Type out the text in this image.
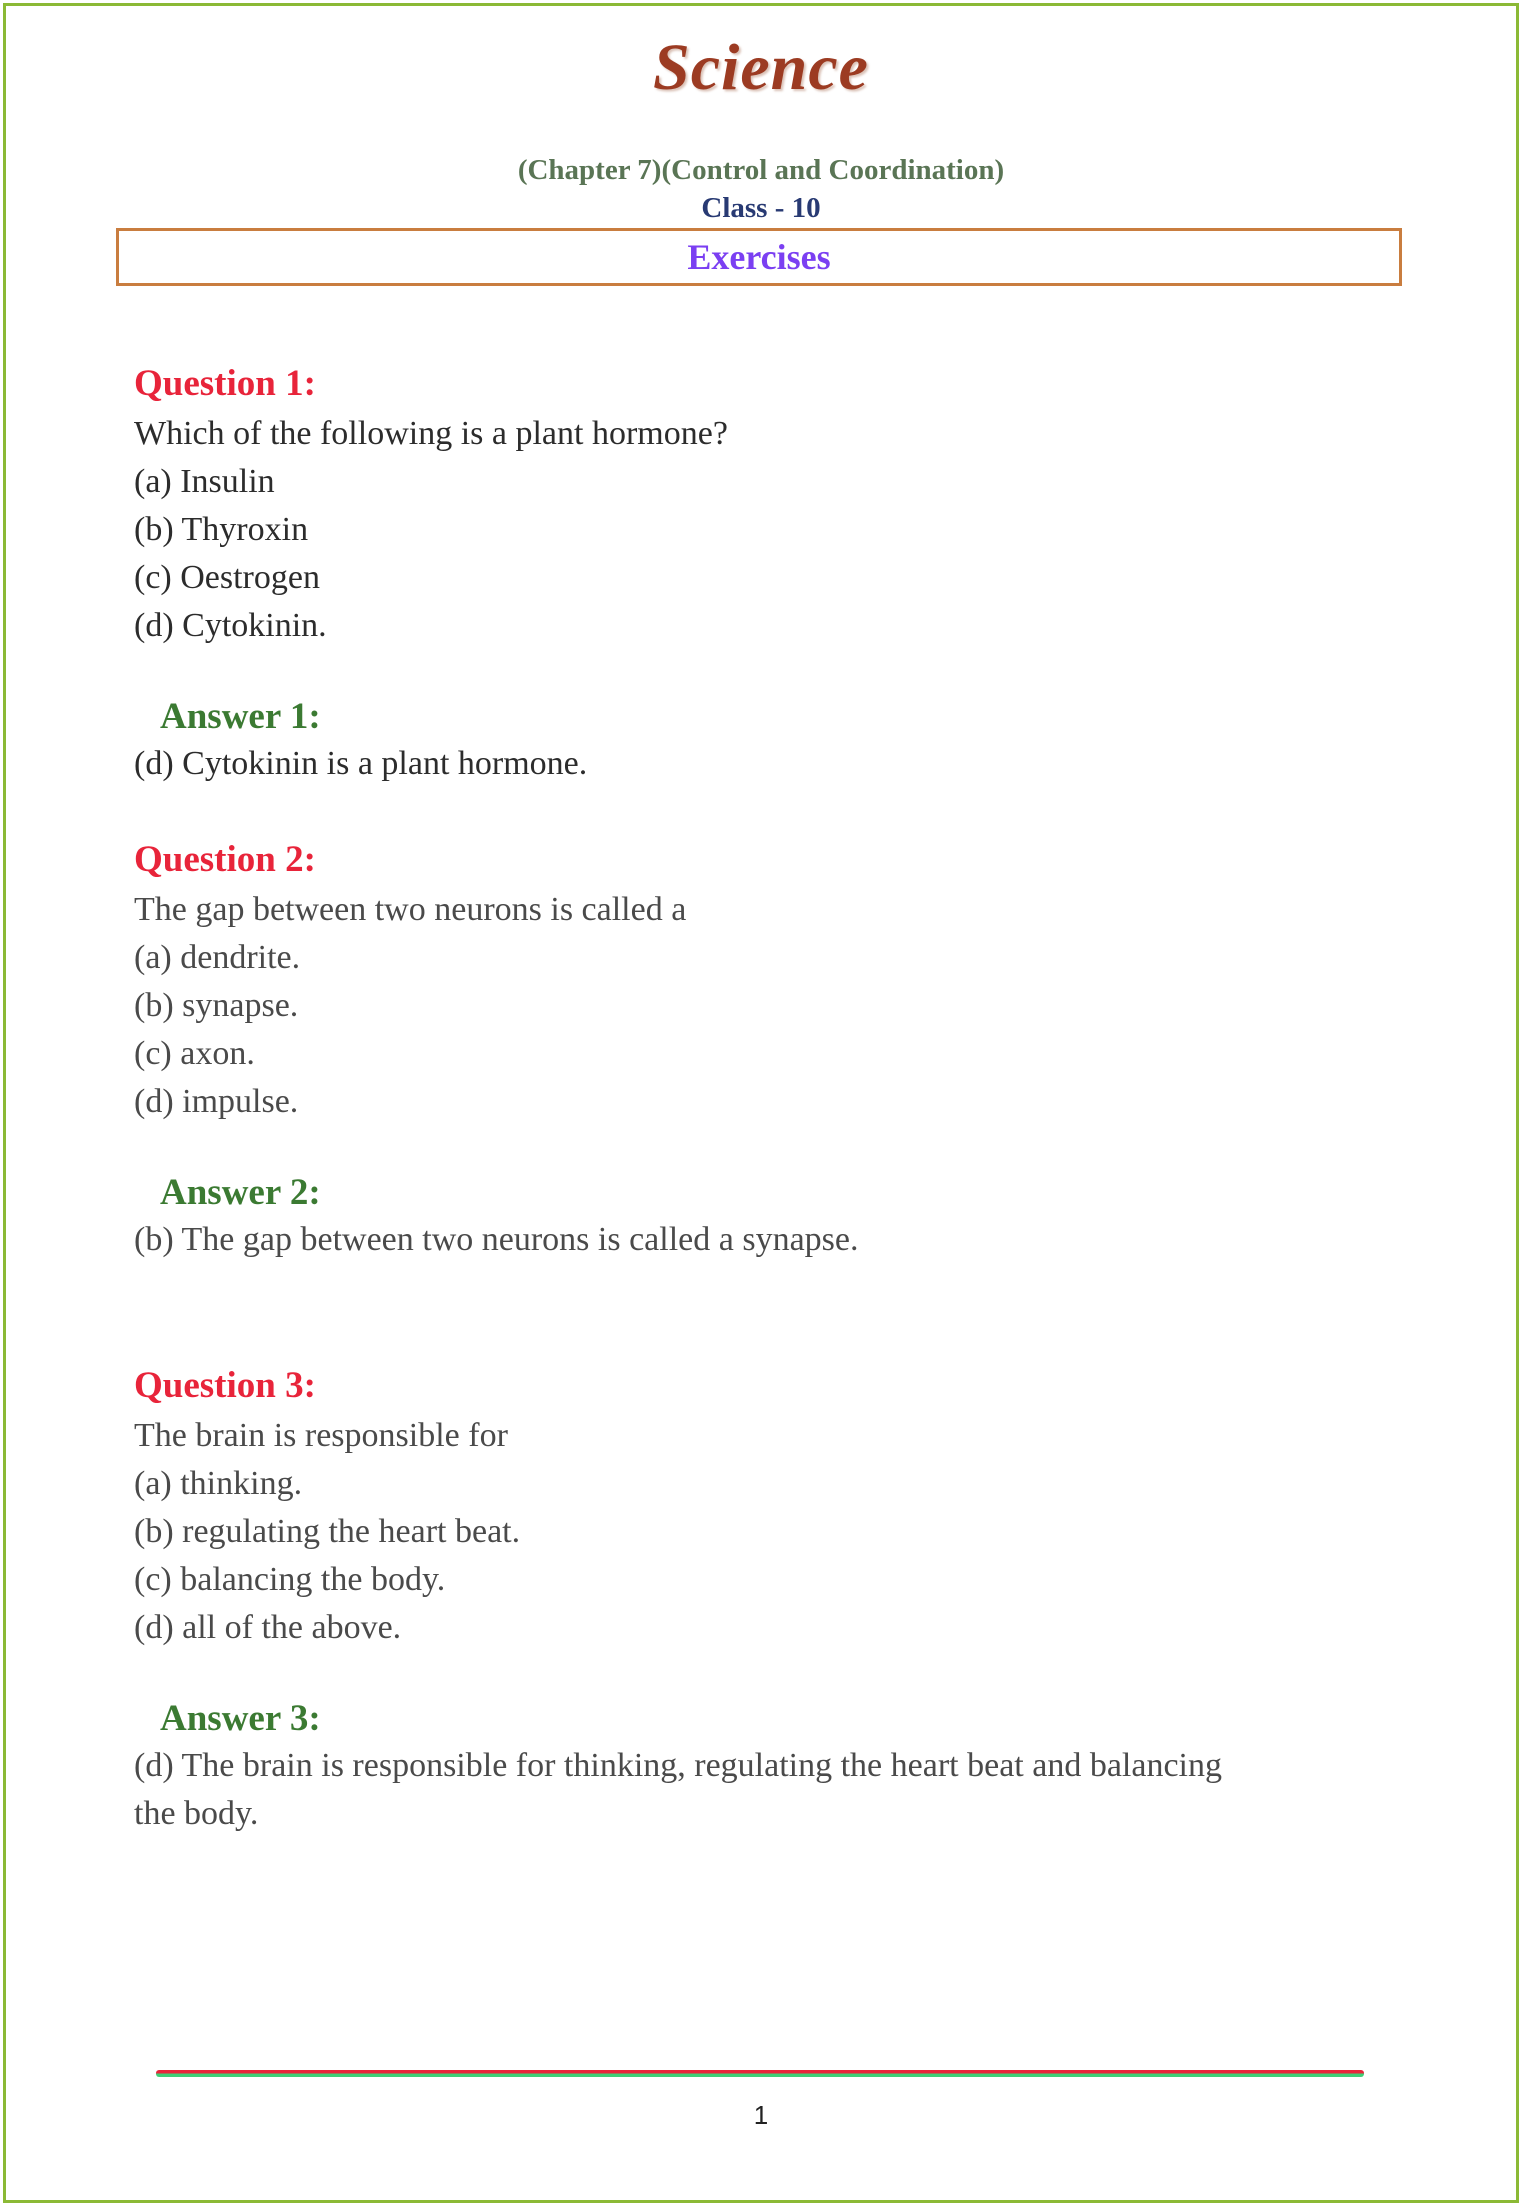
Science
(Chapter 7)(Control and Coordination)
Class - 10
Exercises
Question 1:
Which of the following is a plant hormone?
(a) Insulin
(b) Thyroxin
(c) Oestrogen
(d) Cytokinin.
Answer 1:
(d) Cytokinin is a plant hormone.
Question 2:
The gap between two neurons is called a
(a) dendrite.
(b) synapse.
(c) axon.
(d) impulse.
Answer 2:
(b) The gap between two neurons is called a synapse.
Question 3:
The brain is responsible for
(a) thinking.
(b) regulating the heart beat.
(c) balancing the body.
(d) all of the above.
Answer 3:
(d) The brain is responsible for thinking, regulating the heart beat and balancing
the body.
1
